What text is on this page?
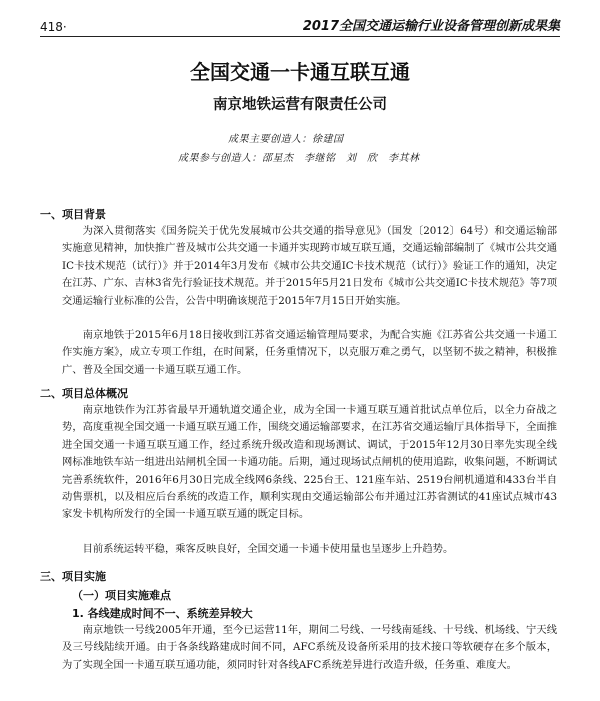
418·	2017全国交通运输行业设备管理创新成果集
全国交通一卡通互联互通
南京地铁运营有限责任公司
成果主要创造人：徐建国
成果参与创造人：邵星杰　李继铭　刘　欣　李其林
一、项目背景

为深入贯彻落实《国务院关于优先发展城市公共交通的指导意见》（国发〔2012〕64号）和交通运输部实施意见精神，加快推广普及城市公共交通一卡通并实现跨市域互联互通，交通运输部编制了《城市公共交通IC卡技术规范（试行）》并于2014年3月发布《城市公共交通IC卡技术规范（试行）》验证工作的通知，决定在江苏、广东、吉林3省先行验证技术规范。并于2015年5月21日发布《城市公共交通IC卡技术规范》等7项交通运输行业标准的公告，公告中明确该规范于2015年7月15日开始实施。

南京地铁于2015年6月18日接收到江苏省交通运输管理局要求，为配合实施《江苏省公共交通一卡通工作实施方案》，成立专项工作组，在时间紧，任务重情况下，以克服万难之勇气，以坚韧不拔之精神，积极推广、普及全国交通一卡通互联互通工作。

二、项目总体概况

南京地铁作为江苏省最早开通轨道交通企业，成为全国一卡通互联互通首批试点单位后，以全力奋战之势，高度重视全国交通一卡通互联互通工作，围绕交通运输部要求，在江苏省交通运输厅具体指导下，全面推进全国交通一卡通互联互通工作，经过系统升级改造和现场测试、调试，于2015年12月30日率先实现全线网标准地铁车站一组进出站闸机全国一卡通功能。后期，通过现场试点闸机的使用追踪，收集问题，不断调试完善系统软件，2016年6月30日完成全线网6条线、225台王、121座车站、2519台闸机通道和433台半自动售票机，以及相应后台系统的改造工作，顺利实现由交通运输部公布并通过江苏省测试的41座试点城市43家发卡机构所发行的全国一卡通互联互通的既定目标。

目前系统运转平稳，乘客反映良好，全国交通一卡通卡使用量也呈逐步上升趋势。

三、项目实施
（一）项目实施难点
1. 各线建成时间不一、系统差异较大

南京地铁一号线2005年开通，至今已运营11年，期间二号线、一号线南延线、十号线、机场线、宁天线及三号线陆续开通。由于各条线路建成时间不同，AFC系统及设备所采用的技术接口等软硬存在多个版本，为了实现全国一卡通互联互通功能，须同时针对各线AFC系统差异进行改造升级，任务重、难度大。
